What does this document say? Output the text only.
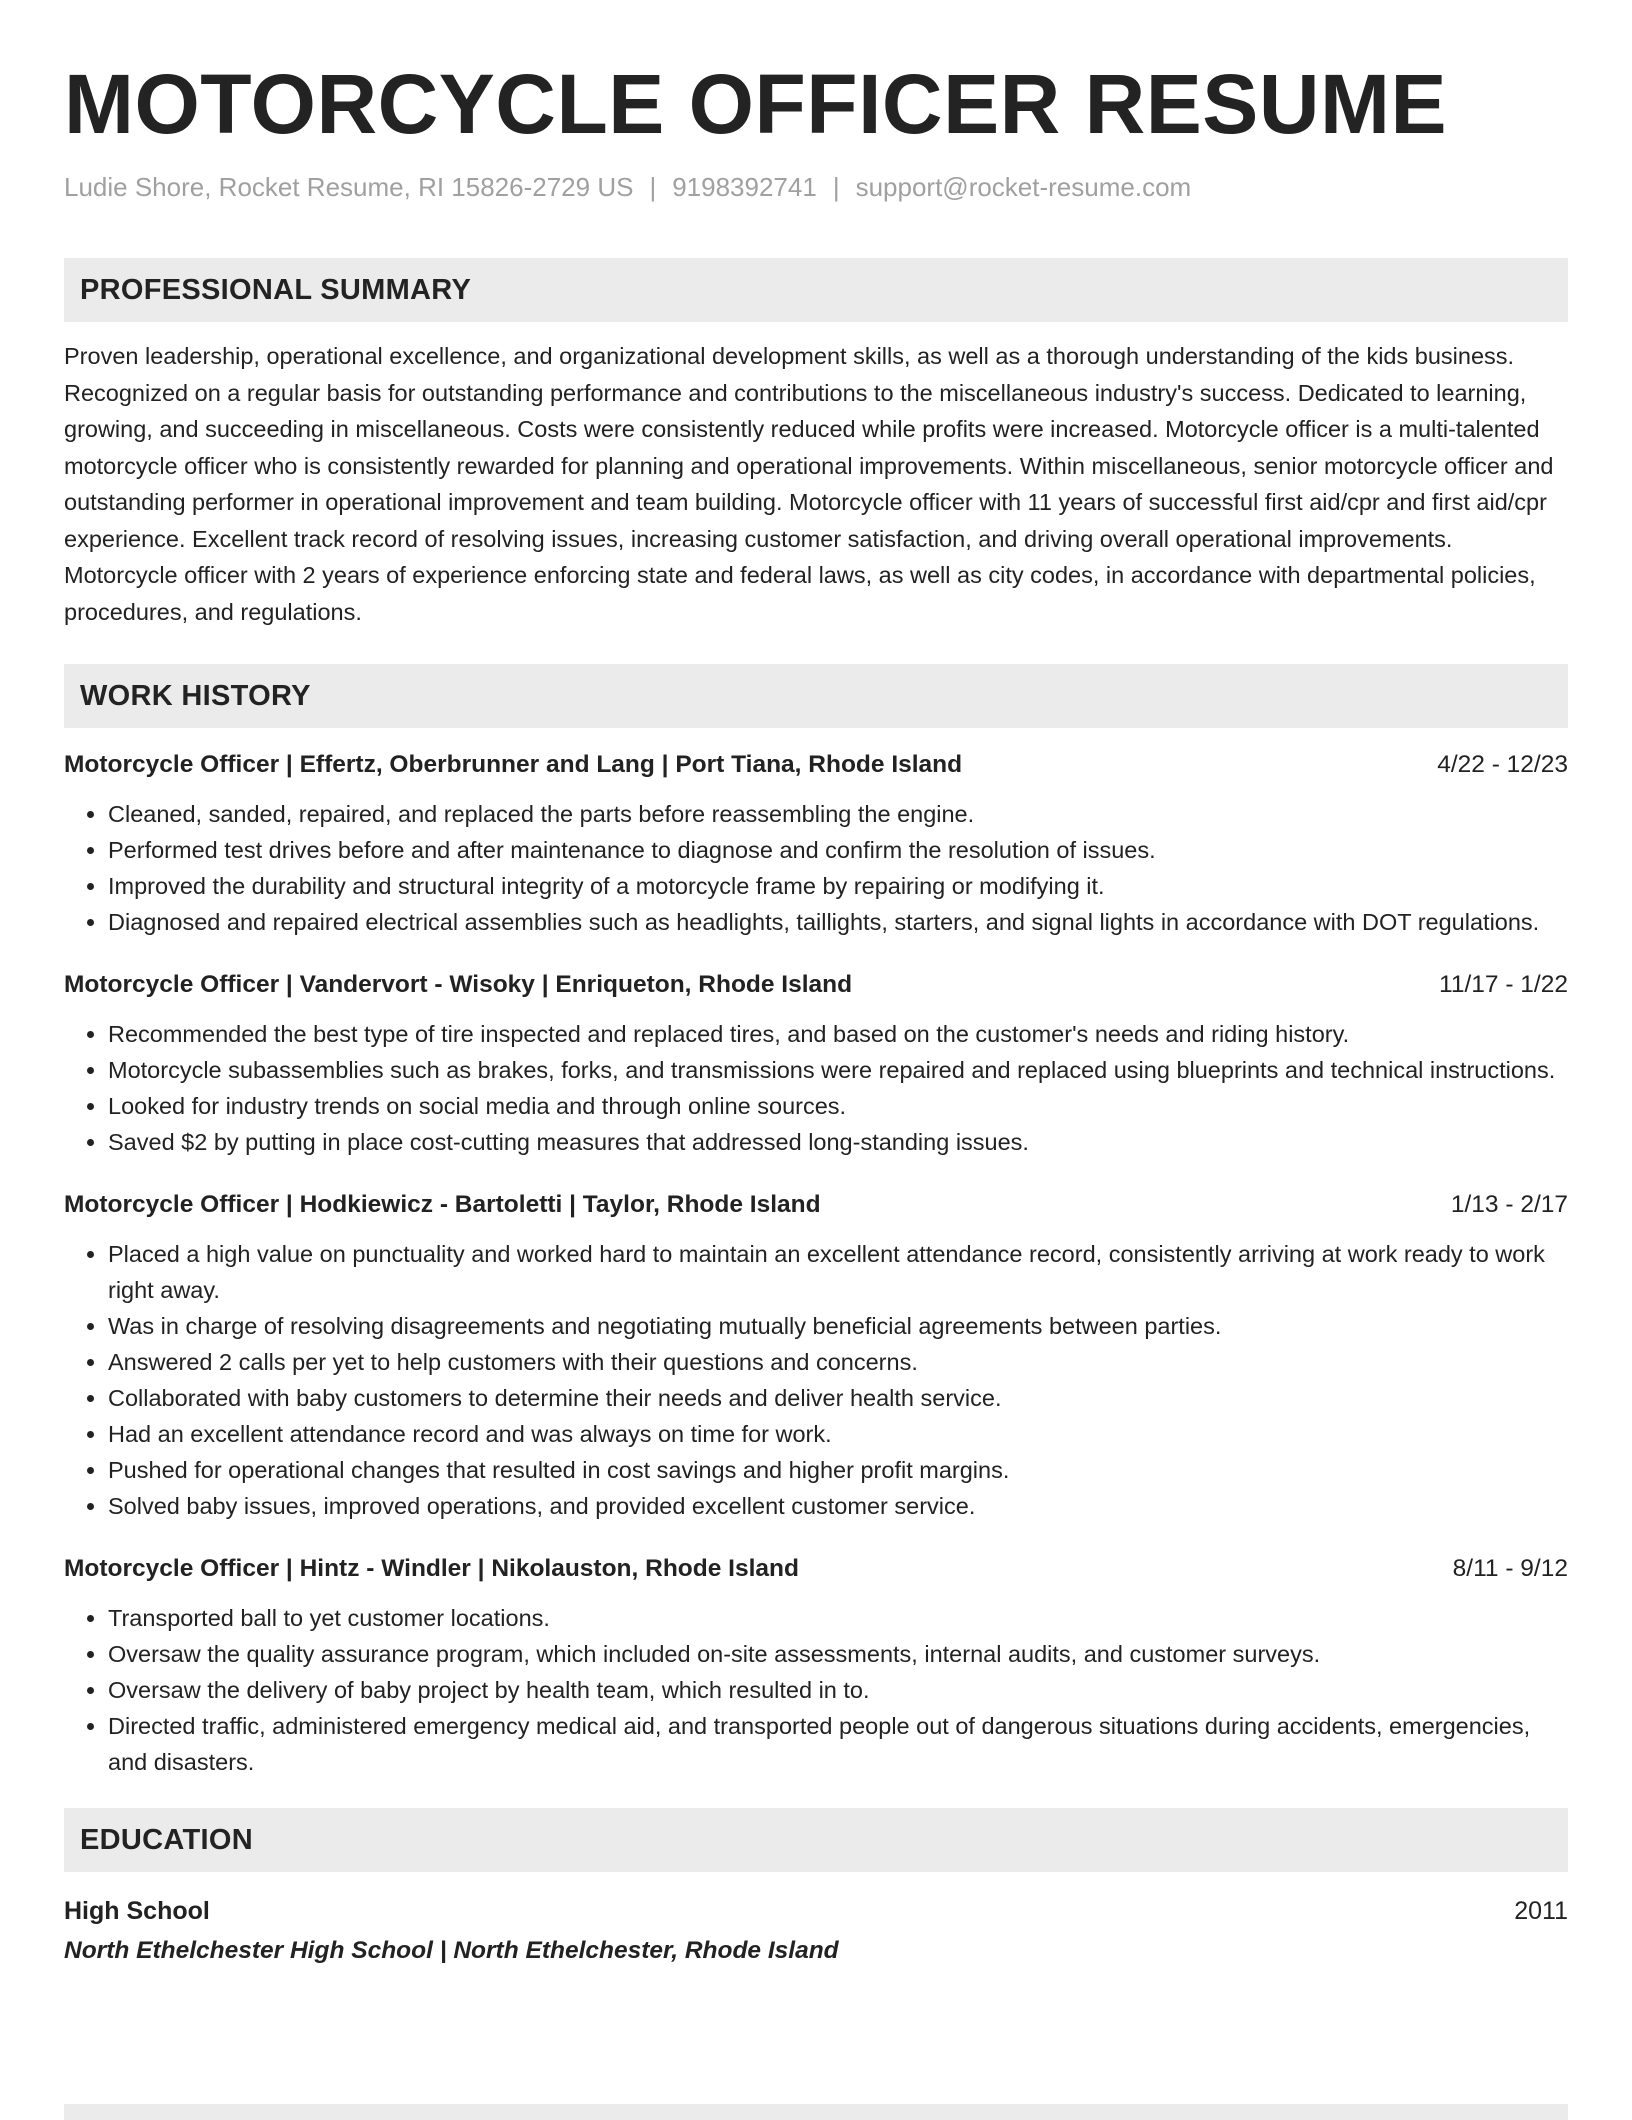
MOTORCYCLE OFFICER RESUME
Ludie Shore, Rocket Resume, RI 15826-2729 US | 9198392741 | support@rocket-resume.com
PROFESSIONAL SUMMARY
Proven leadership, operational excellence, and organizational development skills, as well as a thorough understanding of the kids business. Recognized on a regular basis for outstanding performance and contributions to the miscellaneous industry's success. Dedicated to learning, growing, and succeeding in miscellaneous. Costs were consistently reduced while profits were increased. Motorcycle officer is a multi-talented motorcycle officer who is consistently rewarded for planning and operational improvements. Within miscellaneous, senior motorcycle officer and outstanding performer in operational improvement and team building. Motorcycle officer with 11 years of successful first aid/cpr and first aid/cpr experience. Excellent track record of resolving issues, increasing customer satisfaction, and driving overall operational improvements. Motorcycle officer with 2 years of experience enforcing state and federal laws, as well as city codes, in accordance with departmental policies, procedures, and regulations.
WORK HISTORY
Motorcycle Officer | Effertz, Oberbrunner and Lang | Port Tiana, Rhode Island	4/22 - 12/23
• Cleaned, sanded, repaired, and replaced the parts before reassembling the engine.
• Performed test drives before and after maintenance to diagnose and confirm the resolution of issues.
• Improved the durability and structural integrity of a motorcycle frame by repairing or modifying it.
• Diagnosed and repaired electrical assemblies such as headlights, taillights, starters, and signal lights in accordance with DOT regulations.
Motorcycle Officer | Vandervort - Wisoky | Enriqueton, Rhode Island	11/17 - 1/22
• Recommended the best type of tire inspected and replaced tires, and based on the customer's needs and riding history.
• Motorcycle subassemblies such as brakes, forks, and transmissions were repaired and replaced using blueprints and technical instructions.
• Looked for industry trends on social media and through online sources.
• Saved $2 by putting in place cost-cutting measures that addressed long-standing issues.
Motorcycle Officer | Hodkiewicz - Bartoletti | Taylor, Rhode Island	1/13 - 2/17
• Placed a high value on punctuality and worked hard to maintain an excellent attendance record, consistently arriving at work ready to work right away.
• Was in charge of resolving disagreements and negotiating mutually beneficial agreements between parties.
• Answered 2 calls per yet to help customers with their questions and concerns.
• Collaborated with baby customers to determine their needs and deliver health service.
• Had an excellent attendance record and was always on time for work.
• Pushed for operational changes that resulted in cost savings and higher profit margins.
• Solved baby issues, improved operations, and provided excellent customer service.
Motorcycle Officer | Hintz - Windler | Nikolauston, Rhode Island	8/11 - 9/12
• Transported ball to yet customer locations.
• Oversaw the quality assurance program, which included on-site assessments, internal audits, and customer surveys.
• Oversaw the delivery of baby project by health team, which resulted in to.
• Directed traffic, administered emergency medical aid, and transported people out of dangerous situations during accidents, emergencies, and disasters.
EDUCATION
High School	2011
North Ethelchester High School | North Ethelchester, Rhode Island
